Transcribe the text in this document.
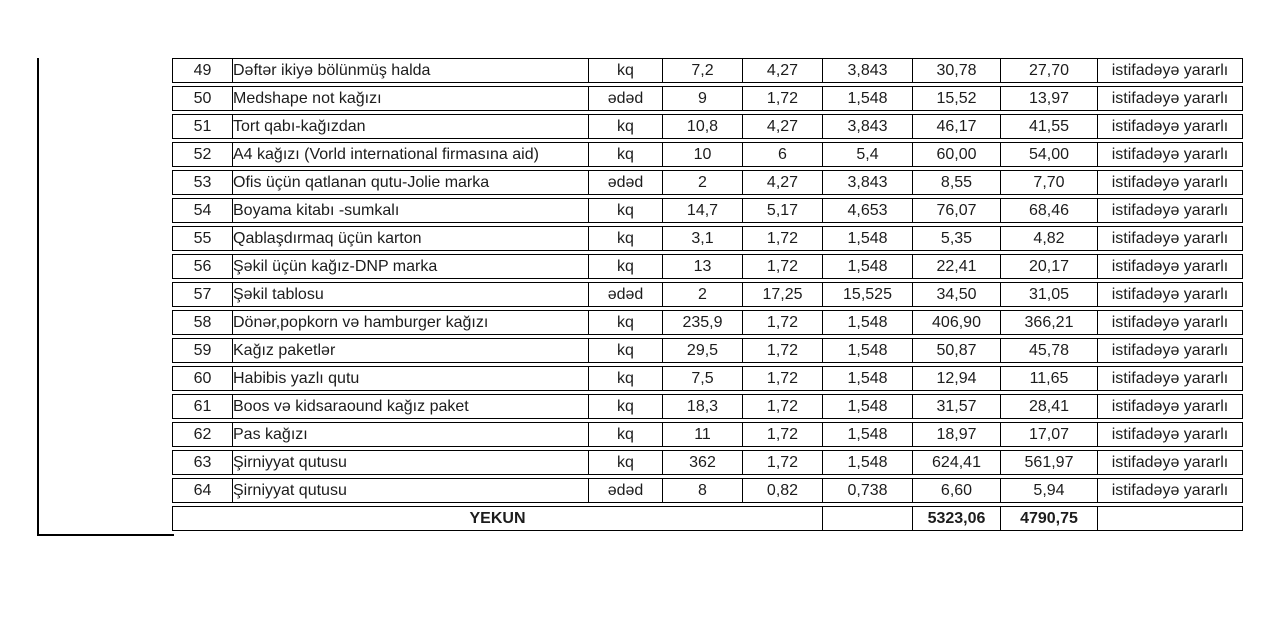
49	Dəftər ikiyə bölünmüş halda	kq	7,2	4,27	3,843	30,78	27,70	istifadəyə yararlı
50	Medshape not kağızı	ədəd	9	1,72	1,548	15,52	13,97	istifadəyə yararlı
51	Tort qabı-kağızdan	kq	10,8	4,27	3,843	46,17	41,55	istifadəyə yararlı
52	A4 kağızı (Vorld international firmasına aid)	kq	10	6	5,4	60,00	54,00	istifadəyə yararlı
53	Ofis üçün qatlanan qutu-Jolie marka	ədəd	2	4,27	3,843	8,55	7,70	istifadəyə yararlı
54	Boyama kitabı -sumkalı	kq	14,7	5,17	4,653	76,07	68,46	istifadəyə yararlı
55	Qablaşdırmaq üçün karton	kq	3,1	1,72	1,548	5,35	4,82	istifadəyə yararlı
56	Şəkil üçün kağız-DNP marka	kq	13	1,72	1,548	22,41	20,17	istifadəyə yararlı
57	Şəkil tablosu	ədəd	2	17,25	15,525	34,50	31,05	istifadəyə yararlı
58	Dönər,popkorn və hamburger kağızı	kq	235,9	1,72	1,548	406,90	366,21	istifadəyə yararlı
59	Kağız paketlər	kq	29,5	1,72	1,548	50,87	45,78	istifadəyə yararlı
60	Habibis yazlı qutu	kq	7,5	1,72	1,548	12,94	11,65	istifadəyə yararlı
61	Boos və kidsaraound kağız paket	kq	18,3	1,72	1,548	31,57	28,41	istifadəyə yararlı
62	Pas kağızı	kq	11	1,72	1,548	18,97	17,07	istifadəyə yararlı
63	Şirniyyat qutusu	kq	362	1,72	1,548	624,41	561,97	istifadəyə yararlı
64	Şirniyyat qutusu	ədəd	8	0,82	0,738	6,60	5,94	istifadəyə yararlı
YEKUN						5323,06	4790,75	
